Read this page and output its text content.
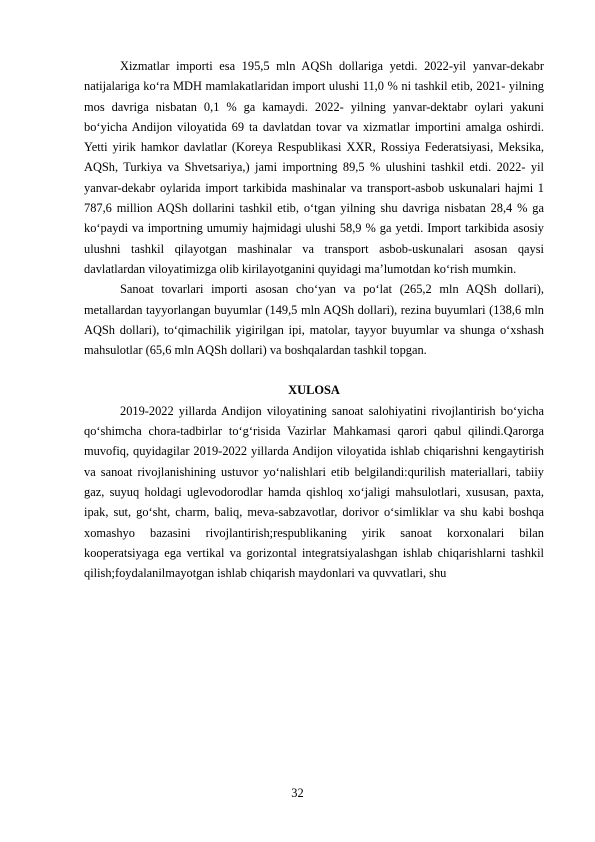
Xizmatlar importi esa 195,5 mln AQSh dollariga yetdi. 2022-yil yanvar-dekabr natijalariga ko‘ra MDH mamlakatlaridan import ulushi 11,0 % ni tashkil etib, 2021- yilning mos davriga nisbatan 0,1 % ga kamaydi. 2022- yilning yanvar-dektabr oylari yakuni bo‘yicha Andijon viloyatida 69 ta davlatdan tovar va xizmatlar importini amalga oshirdi. Yetti yirik hamkor davlatlar (Koreya Respublikasi XXR, Rossiya Federatsiyasi, Meksika, AQSh, Turkiya va Shvetsariya,) jami importning 89,5 % ulushini tashkil etdi. 2022- yil yanvar-dekabr oylarida import tarkibida mashinalar va transport-asbob uskunalari hajmi 1 787,6 million AQSh dollarini tashkil etib, o‘tgan yilning shu davriga nisbatan 28,4 % ga ko‘paydi va importning umumiy hajmidagi ulushi 58,9 % ga yetdi. Import tarkibida asosiy ulushni tashkil qilayotgan mashinalar va transport asbob-uskunalari asosan qaysi davlatlardan viloyatimizga olib kirilayotganini quyidagi ma’lumotdan ko‘rish mumkin.

Sanoat tovarlari importi asosan cho‘yan va po‘lat (265,2 mln AQSh dollari), metallardan tayyorlangan buyumlar (149,5 mln AQSh dollari), rezina buyumlari (138,6 mln AQSh dollari), to‘qimachilik yigirilgan ipi, matolar, tayyor buyumlar va shunga o‘xshash mahsulotlar (65,6 mln AQSh dollari) va boshqalardan tashkil topgan.

XULOSA

2019-2022 yillarda Andijon viloyatining sanoat salohiyatini rivojlantirish bo‘yicha qo‘shimcha chora-tadbirlar to‘g‘risida Vazirlar Mahkamasi qarori qabul qilindi.Qarorga muvofiq, quyidagilar 2019-2022 yillarda Andijon viloyatida ishlab chiqarishni kengaytirish va sanoat rivojlanishining ustuvor yo‘nalishlari etib belgilandi:qurilish materiallari, tabiiy gaz, suyuq holdagi uglevodorodlar hamda qishloq xo‘jaligi mahsulotlari, xususan, paxta, ipak, sut, go‘sht, charm, baliq, meva-sabzavotlar, dorivor o‘simliklar va shu kabi boshqa xomashyo bazasini rivojlantirish;respublikaning yirik sanoat korxonalari bilan kooperatsiyaga ega vertikal va gorizontal integratsiyalashgan ishlab chiqarishlarni tashkil qilish;foydalanilmayotgan ishlab chiqarish maydonlari va quvvatlari, shu

32
